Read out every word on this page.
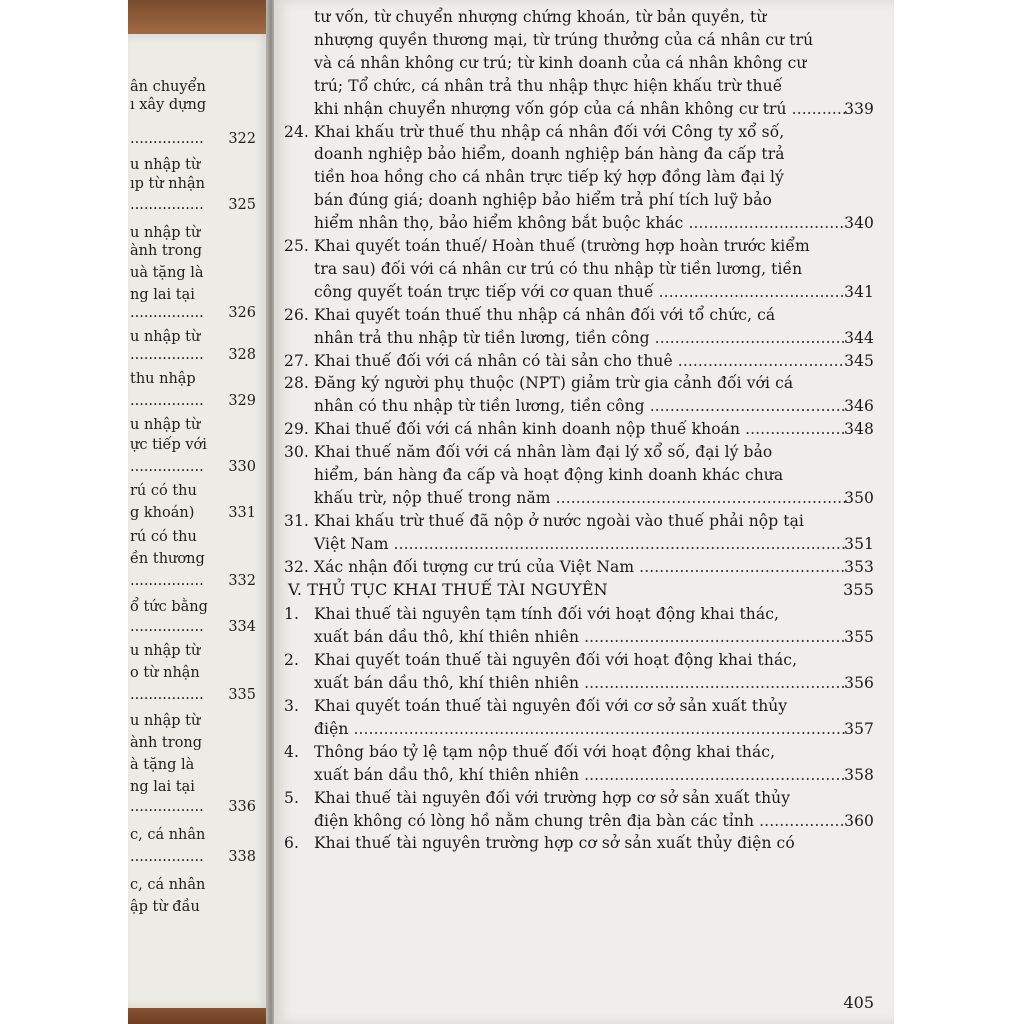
ân chuyển
ı xây dựng
................ 322
u nhập từ
ıp từ nhận
................ 325
u nhập từ
ành trong
uà tặng là
ng lai tại
................ 326
u nhập từ
................ 328
thu nhập
................ 329
u nhập từ
ực tiếp với
................ 330
rú có thu
g khoán) 331
rú có thu
ền thương
................ 332
ổ tức bằng
................ 334
u nhập từ
o từ nhận
................ 335
u nhập từ
ành trong
à tặng là
ng lai tại
................ 336
c, cá nhân
................ 338
c, cá nhân
ập từ đầu
405
tư vốn, từ chuyển nhượng chứng khoán, từ bản quyền, từ
nhượng quyền thương mại, từ trúng thưởng của cá nhân cư trú
và cá nhân không cư trú; từ kinh doanh của cá nhân không cư
trú; Tổ chức, cá nhân trả thu nhập thực hiện khấu trừ thuế
khi nhận chuyển nhượng vốn góp của cá nhân không cư trú ...........
339
24. Khai khấu trừ thuế thu nhập cá nhân đối với Công ty xổ số,
doanh nghiệp bảo hiểm, doanh nghiệp bán hàng đa cấp trả
tiền hoa hồng cho cá nhân trực tiếp ký hợp đồng làm đại lý
bán đúng giá; doanh nghiệp bảo hiểm trả phí tích luỹ bảo
hiểm nhân thọ, bảo hiểm không bắt buộc khác ............................... 340
25. Khai quyết toán thuế/ Hoàn thuế (trường hợp hoàn trước kiểm
tra sau) đối với cá nhân cư trú có thu nhập từ tiền lương, tiền
công quyết toán trực tiếp với cơ quan thuế ..................................... 341
26. Khai quyết toán thuế thu nhập cá nhân đối với tổ chức, cá
nhân trả thu nhập từ tiền lương, tiền công ......................................
344
27. Khai thuế đối với cá nhân có tài sản cho thuê ................................. 345
28. Đăng ký người phụ thuộc (NPT) giảm trừ gia cảnh đối với cá
nhân có thu nhập từ tiền lương, tiền công .......................................
346
29. Khai thuế đối với cá nhân kinh doanh nộp thuế khoán ....................
348
30. Khai thuế năm đối với cá nhân làm đại lý xổ số, đại lý bảo
hiểm, bán hàng đa cấp và hoạt động kinh doanh khác chưa
khấu trừ, nộp thuế trong năm ..........................................................
350
31. Khai khấu trừ thuế đã nộp ở nước ngoài vào thuế phải nộp tại
Việt Nam ..........................................................................................
351
32. Xác nhận đối tượng cư trú của Việt Nam .........................................
353
V. THỦ TỤC KHAI THUẾ TÀI NGUYÊN	355
1. Khai thuế tài nguyên tạm tính đối với hoạt động khai thác,
xuất bán dầu thô, khí thiên nhiên ....................................................
355
2. Khai quyết toán thuế tài nguyên đối với hoạt động khai thác,
xuất bán dầu thô, khí thiên nhiên ....................................................
356
3. Khai quyết toán thuế tài nguyên đối với cơ sở sản xuất thủy
điện ..................................................................................................
357
4. Thông báo tỷ lệ tạm nộp thuế đối với hoạt động khai thác,
xuất bán dầu thô, khí thiên nhiên ....................................................
358
5. Khai thuế tài nguyên đối với trường hợp cơ sở sản xuất thủy
điện không có lòng hồ nằm chung trên địa bàn các tỉnh ................. 360
6. Khai thuế tài nguyên trường hợp cơ sở sản xuất thủy điện có
